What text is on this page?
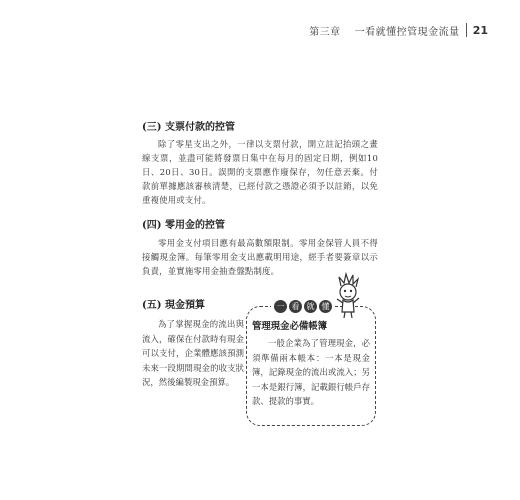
第三章 一看就懂控管現金流量 21
(三) 支票付款的控管

除了零星支出之外，一律以支票付款，開立註記抬頭之畫線支票，並盡可能將發票日集中在每月的固定日期，例如10日、20日、30日。誤開的支票應作廢保存，勿任意丟棄。付款前單據應該審核清楚，已經付款之憑證必須予以註銷，以免重複使用或支付。

(四) 零用金的控管

零用金支付項目應有最高數額限制。零用金保管人員不得接觸現金簿。每筆零用金支出應載明用途，經手者要簽章以示負責，並實施零用金抽查盤點制度。

(五) 現金預算

為了掌握現金的流出與流入，確保在付款時有現金可以支付，企業體應該預測未來一段期間現金的收支狀況，然後編製現金預算。

一 看 就 懂

管理現金必備帳簿

一般企業為了管理現金，必須準備兩本帳本：一本是現金簿，記錄現金的流出或流入；另一本是銀行簿，記載銀行帳戶存款、提款的事實。
